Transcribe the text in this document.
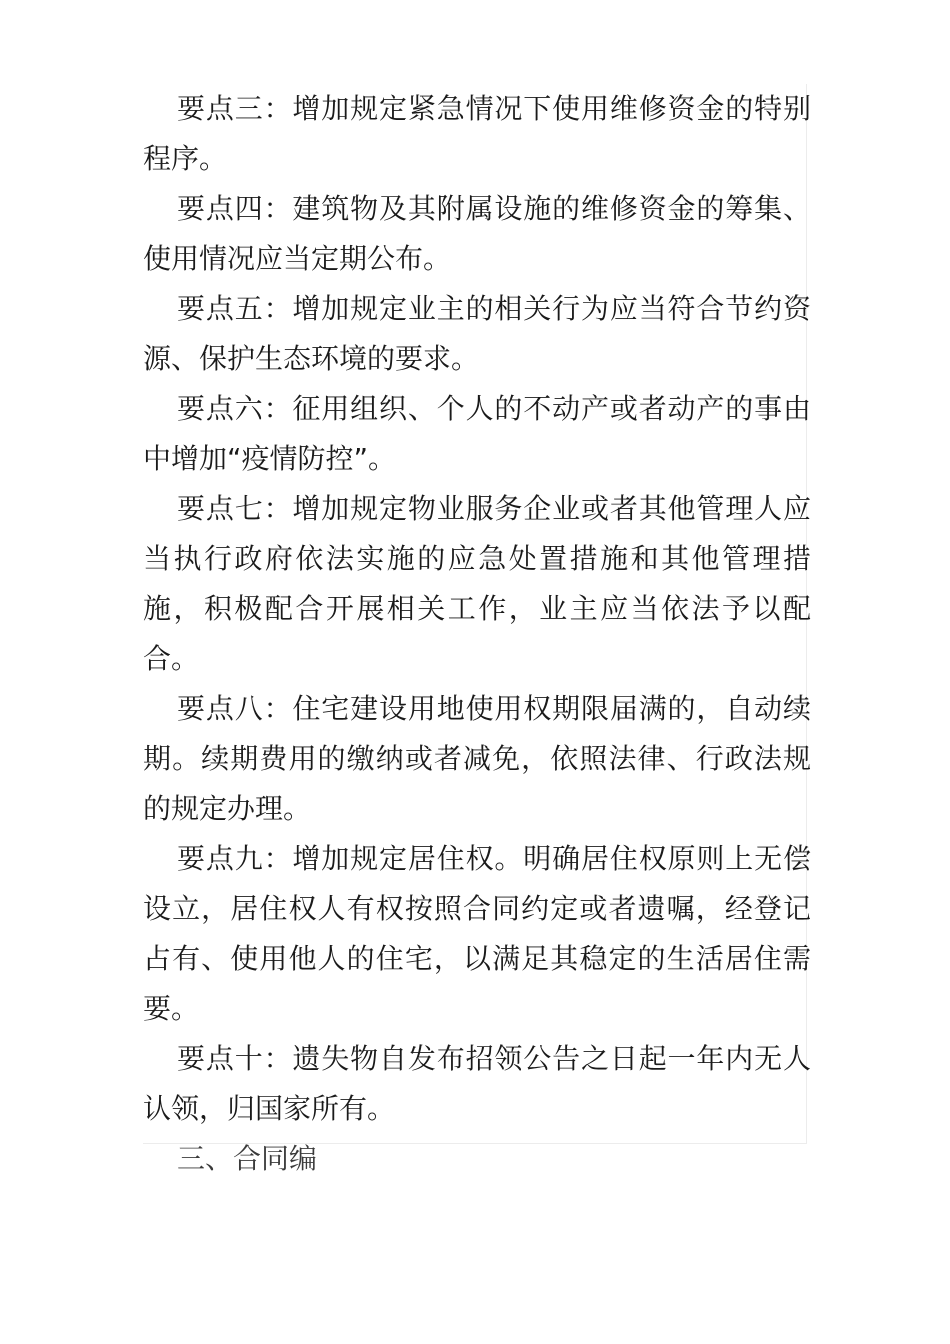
要点三：增加规定紧急情况下使用维修资金的特别程序。

要点四：建筑物及其附属设施的维修资金的筹集、使用情况应当定期公布。

要点五：增加规定业主的相关行为应当符合节约资源、保护生态环境的要求。

要点六：征用组织、个人的不动产或者动产的事由中增加“疫情防控”。

要点七：增加规定物业服务企业或者其他管理人应当执行政府依法实施的应急处置措施和其他管理措施，积极配合开展相关工作，业主应当依法予以配合。

要点八：住宅建设用地使用权期限届满的，自动续期。续期费用的缴纳或者减免，依照法律、行政法规的规定办理。

要点九：增加规定居住权。明确居住权原则上无偿设立，居住权人有权按照合同约定或者遗嘱，经登记占有、使用他人的住宅，以满足其稳定的生活居住需要。

要点十：遗失物自发布招领公告之日起一年内无人认领，归国家所有。

三、合同编
